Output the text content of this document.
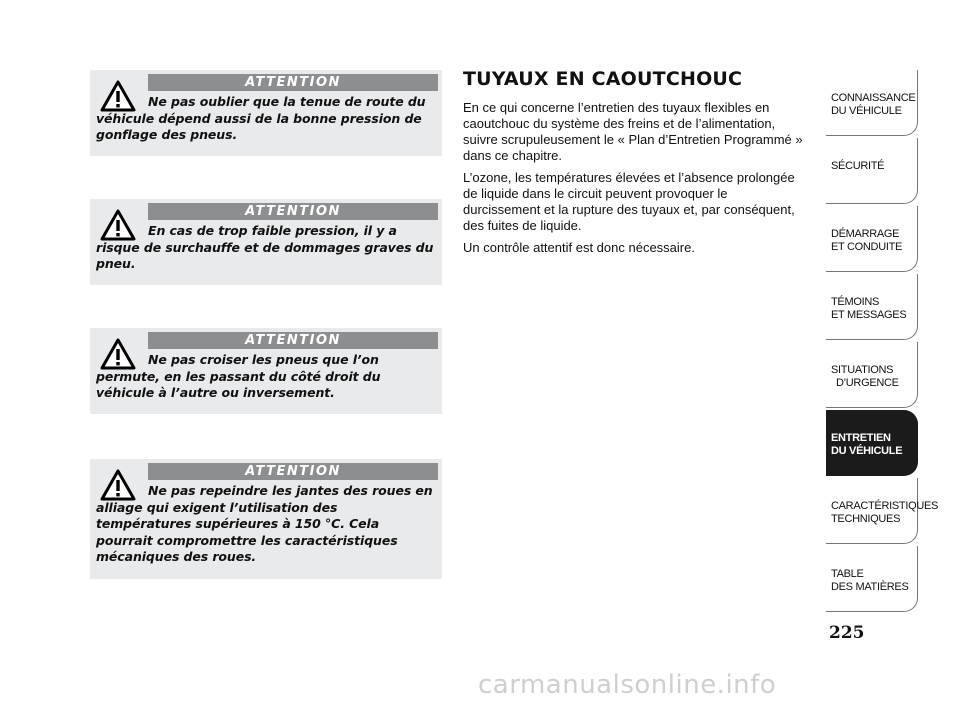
ATTENTION
Ne pas oublier que la tenue de route du véhicule dépend aussi de la bonne pression de gonflage des pneus.
ATTENTION
En cas de trop faible pression, il y a risque de surchauffe et de dommages graves du pneu.
ATTENTION
Ne pas croiser les pneus que l’on permute, en les passant du côté droit du véhicule à l’autre ou inversement.
ATTENTION
Ne pas repeindre les jantes des roues en alliage qui exigent l’utilisation des températures supérieures à 150 °C. Cela pourrait compromettre les caractéristiques mécaniques des roues.
TUYAUX EN CAOUTCHOUC

En ce qui concerne l’entretien des tuyaux flexibles en caoutchouc du système des freins et de l’alimentation, suivre scrupuleusement le « Plan d’Entretien Programmé » dans ce chapitre.

L’ozone, les températures élevées et l’absence prolongée de liquide dans le circuit peuvent provoquer le durcissement et la rupture des tuyaux et, par conséquent, des fuites de liquide.

Un contrôle attentif est donc nécessaire.

CONNAISSANCE
DU VÉHICULE
SÉCURITÉ
DÉMARRAGE
ET CONDUITE
TÉMOINS
ET MESSAGES
SITUATIONS
D’URGENCE
ENTRETIEN
DU VÉHICULE
CARACTÉRISTIQUES
TECHNIQUES
TABLE
DES MATIÈRES
225
carmanualsonline.info
